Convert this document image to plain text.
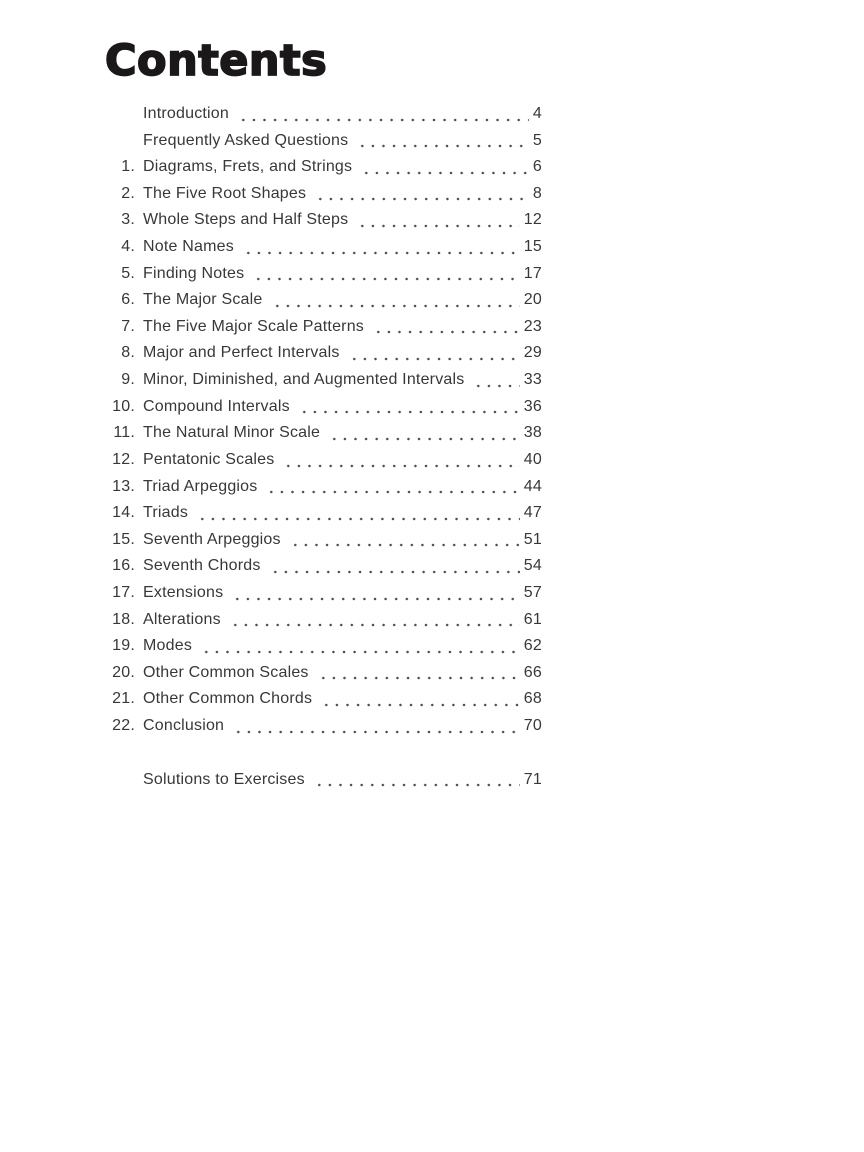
Contents
Introduction	4
Frequently Asked Questions	5
1. Diagrams, Frets, and Strings	6
2. The Five Root Shapes	8
3. Whole Steps and Half Steps	12
4. Note Names	15
5. Finding Notes	17
6. The Major Scale	20
7. The Five Major Scale Patterns	23
8. Major and Perfect Intervals	29
9. Minor, Diminished, and Augmented Intervals	33
10. Compound Intervals	36
11. The Natural Minor Scale	38
12. Pentatonic Scales	40
13. Triad Arpeggios	44
14. Triads	47
15. Seventh Arpeggios	51
16. Seventh Chords	54
17. Extensions	57
18. Alterations	61
19. Modes	62
20. Other Common Scales	66
21. Other Common Chords	68
22. Conclusion	70
Solutions to Exercises	71
